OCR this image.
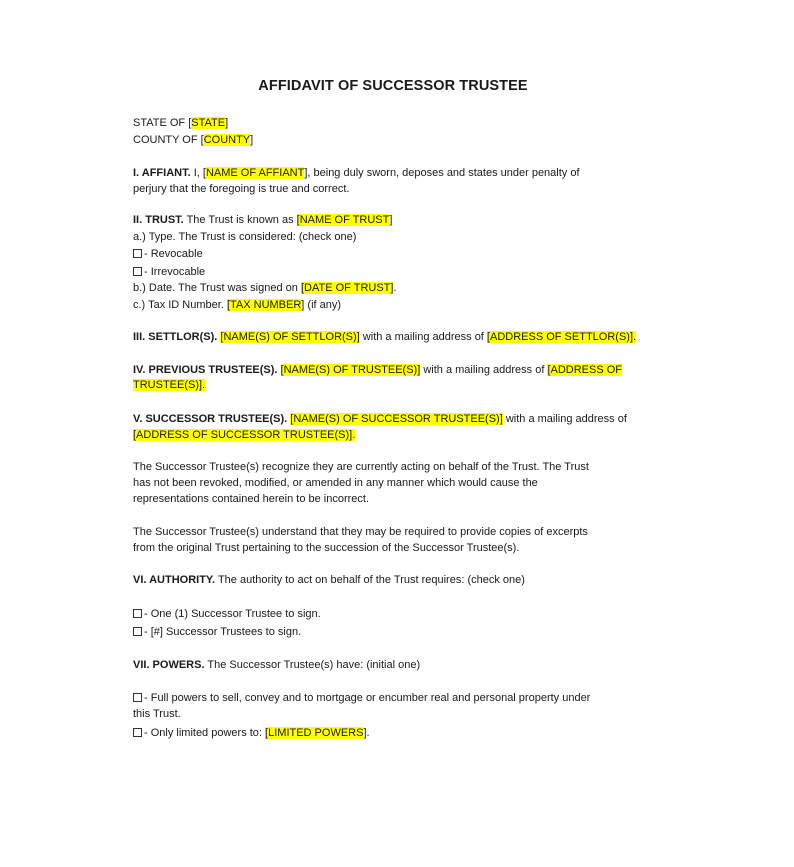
AFFIDAVIT OF SUCCESSOR TRUSTEE
STATE OF [STATE]
COUNTY OF [COUNTY]
I. AFFIANT. I, [NAME OF AFFIANT], being duly sworn, deposes and states under penalty of
perjury that the foregoing is true and correct.
II. TRUST. The Trust is known as [NAME OF TRUST]
a.) Type. The Trust is considered: (check one)
- Revocable
- Irrevocable
b.) Date. The Trust was signed on [DATE OF TRUST].
c.) Tax ID Number. [TAX NUMBER] (if any)
III. SETTLOR(S). [NAME(S) OF SETTLOR(S)] with a mailing address of [ADDRESS OF SETTLOR(S)].
IV. PREVIOUS TRUSTEE(S). [NAME(S) OF TRUSTEE(S)] with a mailing address of [ADDRESS OF
TRUSTEE(S)].
V. SUCCESSOR TRUSTEE(S). [NAME(S) OF SUCCESSOR TRUSTEE(S)] with a mailing address of
[ADDRESS OF SUCCESSOR TRUSTEE(S)].
The Successor Trustee(s) recognize they are currently acting on behalf of the Trust. The Trust
has not been revoked, modified, or amended in any manner which would cause the
representations contained herein to be incorrect.
The Successor Trustee(s) understand that they may be required to provide copies of excerpts
from the original Trust pertaining to the succession of the Successor Trustee(s).
VI. AUTHORITY. The authority to act on behalf of the Trust requires: (check one)
- One (1) Successor Trustee to sign.
- [#] Successor Trustees to sign.
VII. POWERS. The Successor Trustee(s) have: (initial one)
- Full powers to sell, convey and to mortgage or encumber real and personal property under
this Trust.
- Only limited powers to: [LIMITED POWERS].
